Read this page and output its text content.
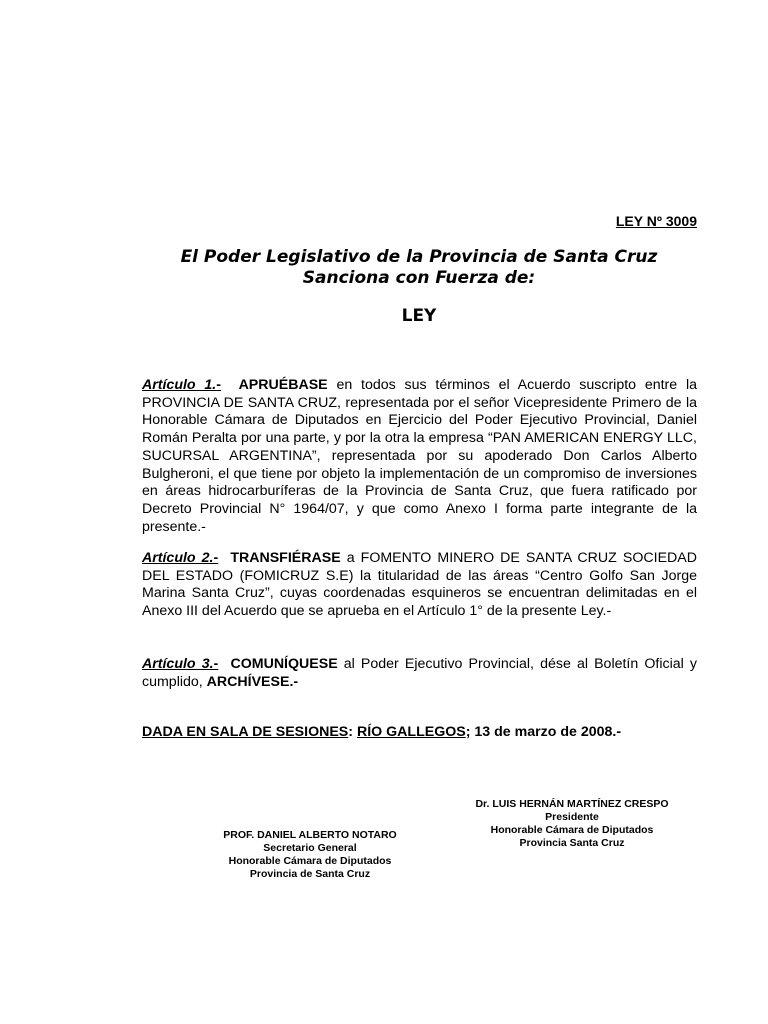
LEY Nº 3009
El Poder Legislativo de la Provincia de Santa Cruz
Sanciona con Fuerza de:
LEY
Artículo 1.- APRUÉBASE en todos sus términos el Acuerdo suscripto entre la PROVINCIA DE SANTA CRUZ, representada por el señor Vicepresidente Primero de la Honorable Cámara de Diputados en Ejercicio del Poder Ejecutivo Provincial, Daniel Román Peralta por una parte, y por la otra la empresa “PAN AMERICAN ENERGY LLC, SUCURSAL ARGENTINA”, representada por su apoderado Don Carlos Alberto Bulgheroni, el que tiene por objeto la implementación de un compromiso de inversiones en áreas hidrocarburíferas de la Provincia de Santa Cruz, que fuera ratificado por Decreto Provincial N° 1964/07, y que como Anexo I forma parte integrante de la presente.-
Artículo 2.- TRANSFIÉRASE a FOMENTO MINERO DE SANTA CRUZ SOCIEDAD DEL ESTADO (FOMICRUZ S.E) la titularidad de las áreas “Centro Golfo San Jorge Marina Santa Cruz”, cuyas coordenadas esquineros se encuentran delimitadas en el Anexo III del Acuerdo que se aprueba en el Artículo 1° de la presente Ley.-
Artículo 3.- COMUNÍQUESE al Poder Ejecutivo Provincial, dése al Boletín Oficial y cumplido, ARCHÍVESE.-
DADA EN SALA DE SESIONES: RÍO GALLEGOS; 13 de marzo de 2008.-
Dr. LUIS HERNÁN MARTÍNEZ CRESPO
Presidente
Honorable Cámara de Diputados
Provincia Santa Cruz
PROF. DANIEL ALBERTO NOTARO
Secretario General
Honorable Cámara de Diputados
Provincia de Santa Cruz
